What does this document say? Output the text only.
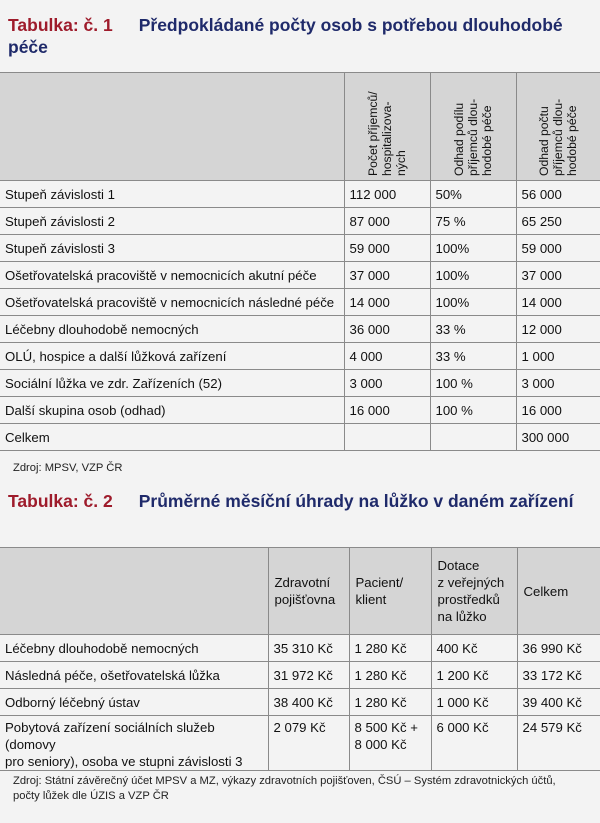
Tabulka: č. 1 Předpokládané počty osob s potřebou dlouhodobé péče

	Počet příjemců/
hospitalizova-
ných	Odhad podílu
příjemců dlou-
hodobé péče	Odhad počtu
příjemců dlou-
hodobé péče

Stupeň závislosti 1	112 000	50%	56 000
Stupeň závislosti 2	87 000	75 %	65 250
Stupeň závislosti 3	59 000	100%	59 000
Ošetřovatelská pracoviště v nemocnicích akutní péče	37 000	100%	37 000
Ošetřovatelská pracoviště v nemocnicích následné péče	14 000	100%	14 000
Léčebny dlouhodobě nemocných	36 000	33 %	12 000
OLÚ, hospice a další lůžková zařízení	4 000	33 %	1 000
Sociální lůžka ve zdr. Zařízeních (52)	3 000	100 %	3 000
Další skupina osob (odhad)	16 000	100 %	16 000
Celkem			300 000
Zdroj: MPSV, VZP ČR
Tabulka: č. 2 Průměrné měsíční úhrady na lůžko v daném zařízení
	Zdravotní
pojišťovna	Pacient/
klient	Dotace
z veřejných
prostředků
na lůžko	Celkem
Léčebny dlouhodobě nemocných	35 310 Kč	1 280 Kč	400 Kč	36 990 Kč
Následná péče, ošetřovatelská lůžka	31 972 Kč	1 280 Kč	1 200 Kč	33 172 Kč
Odborný léčebný ústav	38 400 Kč	1 280 Kč	1 000 Kč	39 400 Kč
Pobytová zařízení sociálních služeb (domovy
pro seniory), osoba ve stupni závislosti 3	2 079 Kč	8 500 Kč +
8 000 Kč	6 000 Kč	24 579 Kč
Zdroj: Státní závěrečný účet MPSV a MZ, výkazy zdravotních pojišťoven, ČSÚ – Systém zdravotnických účtů,
počty lůžek dle ÚZIS a VZP ČR
